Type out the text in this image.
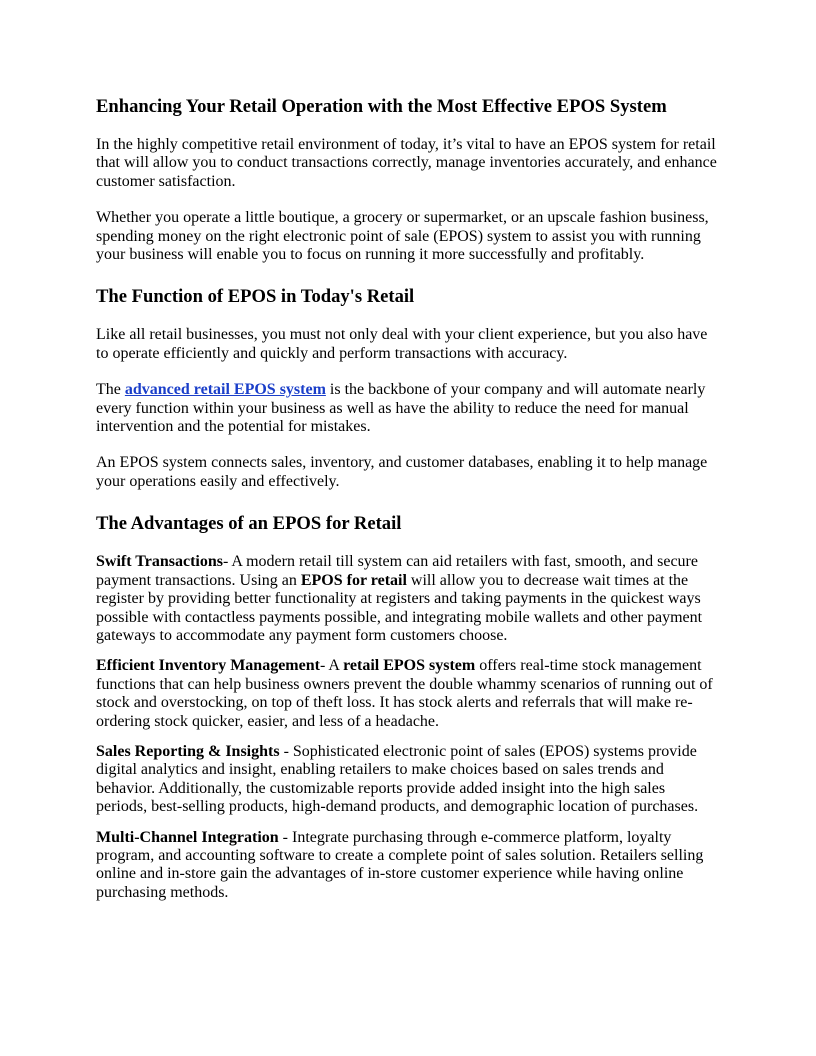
Enhancing Your Retail Operation with the Most Effective EPOS System

In the highly competitive retail environment of today, it’s vital to have an EPOS system for retail that will allow you to conduct transactions correctly, manage inventories accurately, and enhance customer satisfaction.

Whether you operate a little boutique, a grocery or supermarket, or an upscale fashion business, spending money on the right electronic point of sale (EPOS) system to assist you with running your business will enable you to focus on running it more successfully and profitably.

The Function of EPOS in Today's Retail

Like all retail businesses, you must not only deal with your client experience, but you also have to operate efficiently and quickly and perform transactions with accuracy.

The advanced retail EPOS system is the backbone of your company and will automate nearly every function within your business as well as have the ability to reduce the need for manual intervention and the potential for mistakes.

An EPOS system connects sales, inventory, and customer databases, enabling it to help manage your operations easily and effectively.

The Advantages of an EPOS for Retail

Swift Transactions- A modern retail till system can aid retailers with fast, smooth, and secure payment transactions. Using an EPOS for retail will allow you to decrease wait times at the register by providing better functionality at registers and taking payments in the quickest ways possible with contactless payments possible, and integrating mobile wallets and other payment gateways to accommodate any payment form customers choose.

Efficient Inventory Management- A retail EPOS system offers real-time stock management functions that can help business owners prevent the double whammy scenarios of running out of stock and overstocking, on top of theft loss. It has stock alerts and referrals that will make re-ordering stock quicker, easier, and less of a headache.

Sales Reporting & Insights - Sophisticated electronic point of sales (EPOS) systems provide digital analytics and insight, enabling retailers to make choices based on sales trends and behavior. Additionally, the customizable reports provide added insight into the high sales periods, best-selling products, high-demand products, and demographic location of purchases.

Multi-Channel Integration - Integrate purchasing through e-commerce platform, loyalty program, and accounting software to create a complete point of sales solution. Retailers selling online and in-store gain the advantages of in-store customer experience while having online purchasing methods.
